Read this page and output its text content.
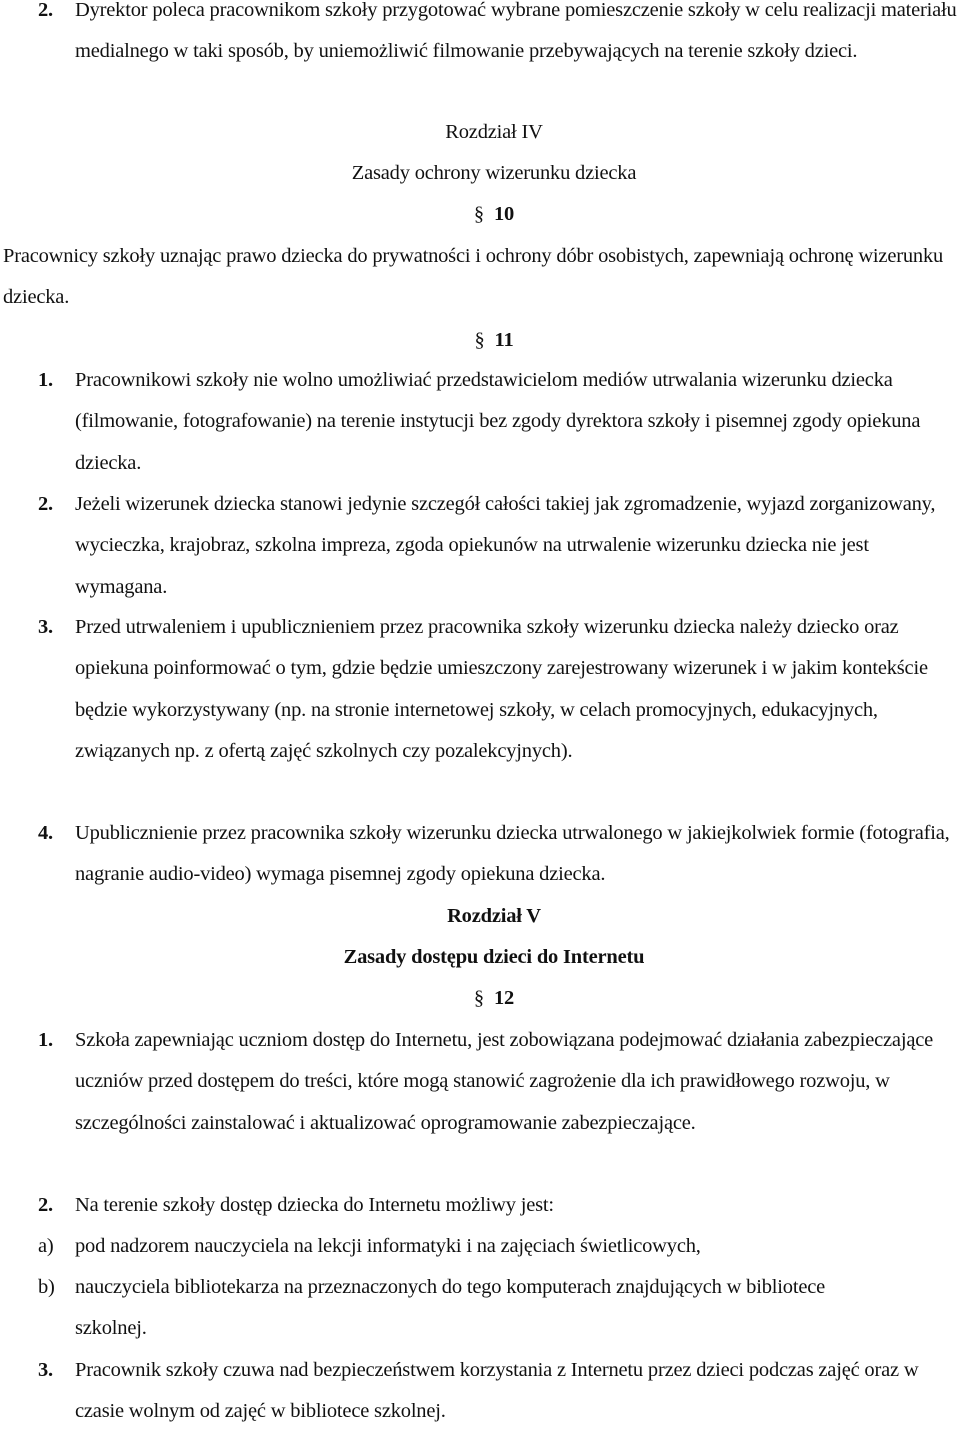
2. Dyrektor poleca pracownikom szkoły przygotować wybrane pomieszczenie szkoły w celu realizacji materiału medialnego w taki sposób, by uniemożliwić filmowanie przebywających na terenie szkoły dzieci.
Rozdział IV
Zasady ochrony wizerunku dziecka
§ 10
Pracownicy szkoły uznając prawo dziecka do prywatności i ochrony dóbr osobistych, zapewniają ochronę wizerunku dziecka.
§ 11
1. Pracownikowi szkoły nie wolno umożliwiać przedstawicielom mediów utrwalania wizerunku dziecka (filmowanie, fotografowanie) na terenie instytucji bez zgody dyrektora szkoły i pisemnej zgody opiekuna dziecka.
2. Jeżeli wizerunek dziecka stanowi jedynie szczegół całości takiej jak zgromadzenie, wyjazd zorganizowany, wycieczka, krajobraz, szkolna impreza, zgoda opiekunów na utrwalenie wizerunku dziecka nie jest wymagana.
3. Przed utrwaleniem i upublicznieniem przez pracownika szkoły wizerunku dziecka należy dziecko oraz opiekuna poinformować o tym, gdzie będzie umieszczony zarejestrowany wizerunek i w jakim kontekście będzie wykorzystywany (np. na stronie internetowej szkoły, w celach promocyjnych, edukacyjnych, związanych np. z ofertą zajęć szkolnych czy pozalekcyjnych).
4. Upublicznienie przez pracownika szkoły wizerunku dziecka utrwalonego w jakiejkolwiek formie (fotografia, nagranie audio-video) wymaga pisemnej zgody opiekuna dziecka.
Rozdział V
Zasady dostępu dzieci do Internetu
§ 12
1. Szkoła zapewniając uczniom dostęp do Internetu, jest zobowiązana podejmować działania zabezpieczające uczniów przed dostępem do treści, które mogą stanowić zagrożenie dla ich prawidłowego rozwoju, w szczególności zainstalować i aktualizować oprogramowanie zabezpieczające.
2. Na terenie szkoły dostęp dziecka do Internetu możliwy jest:
a) pod nadzorem nauczyciela na lekcji informatyki i na zajęciach świetlicowych,
b) nauczyciela bibliotekarza na przeznaczonych do tego komputerach znajdujących w bibliotece szkolnej.
3. Pracownik szkoły czuwa nad bezpieczeństwem korzystania z Internetu przez dzieci podczas zajęć oraz w czasie wolnym od zajęć w bibliotece szkolnej.
